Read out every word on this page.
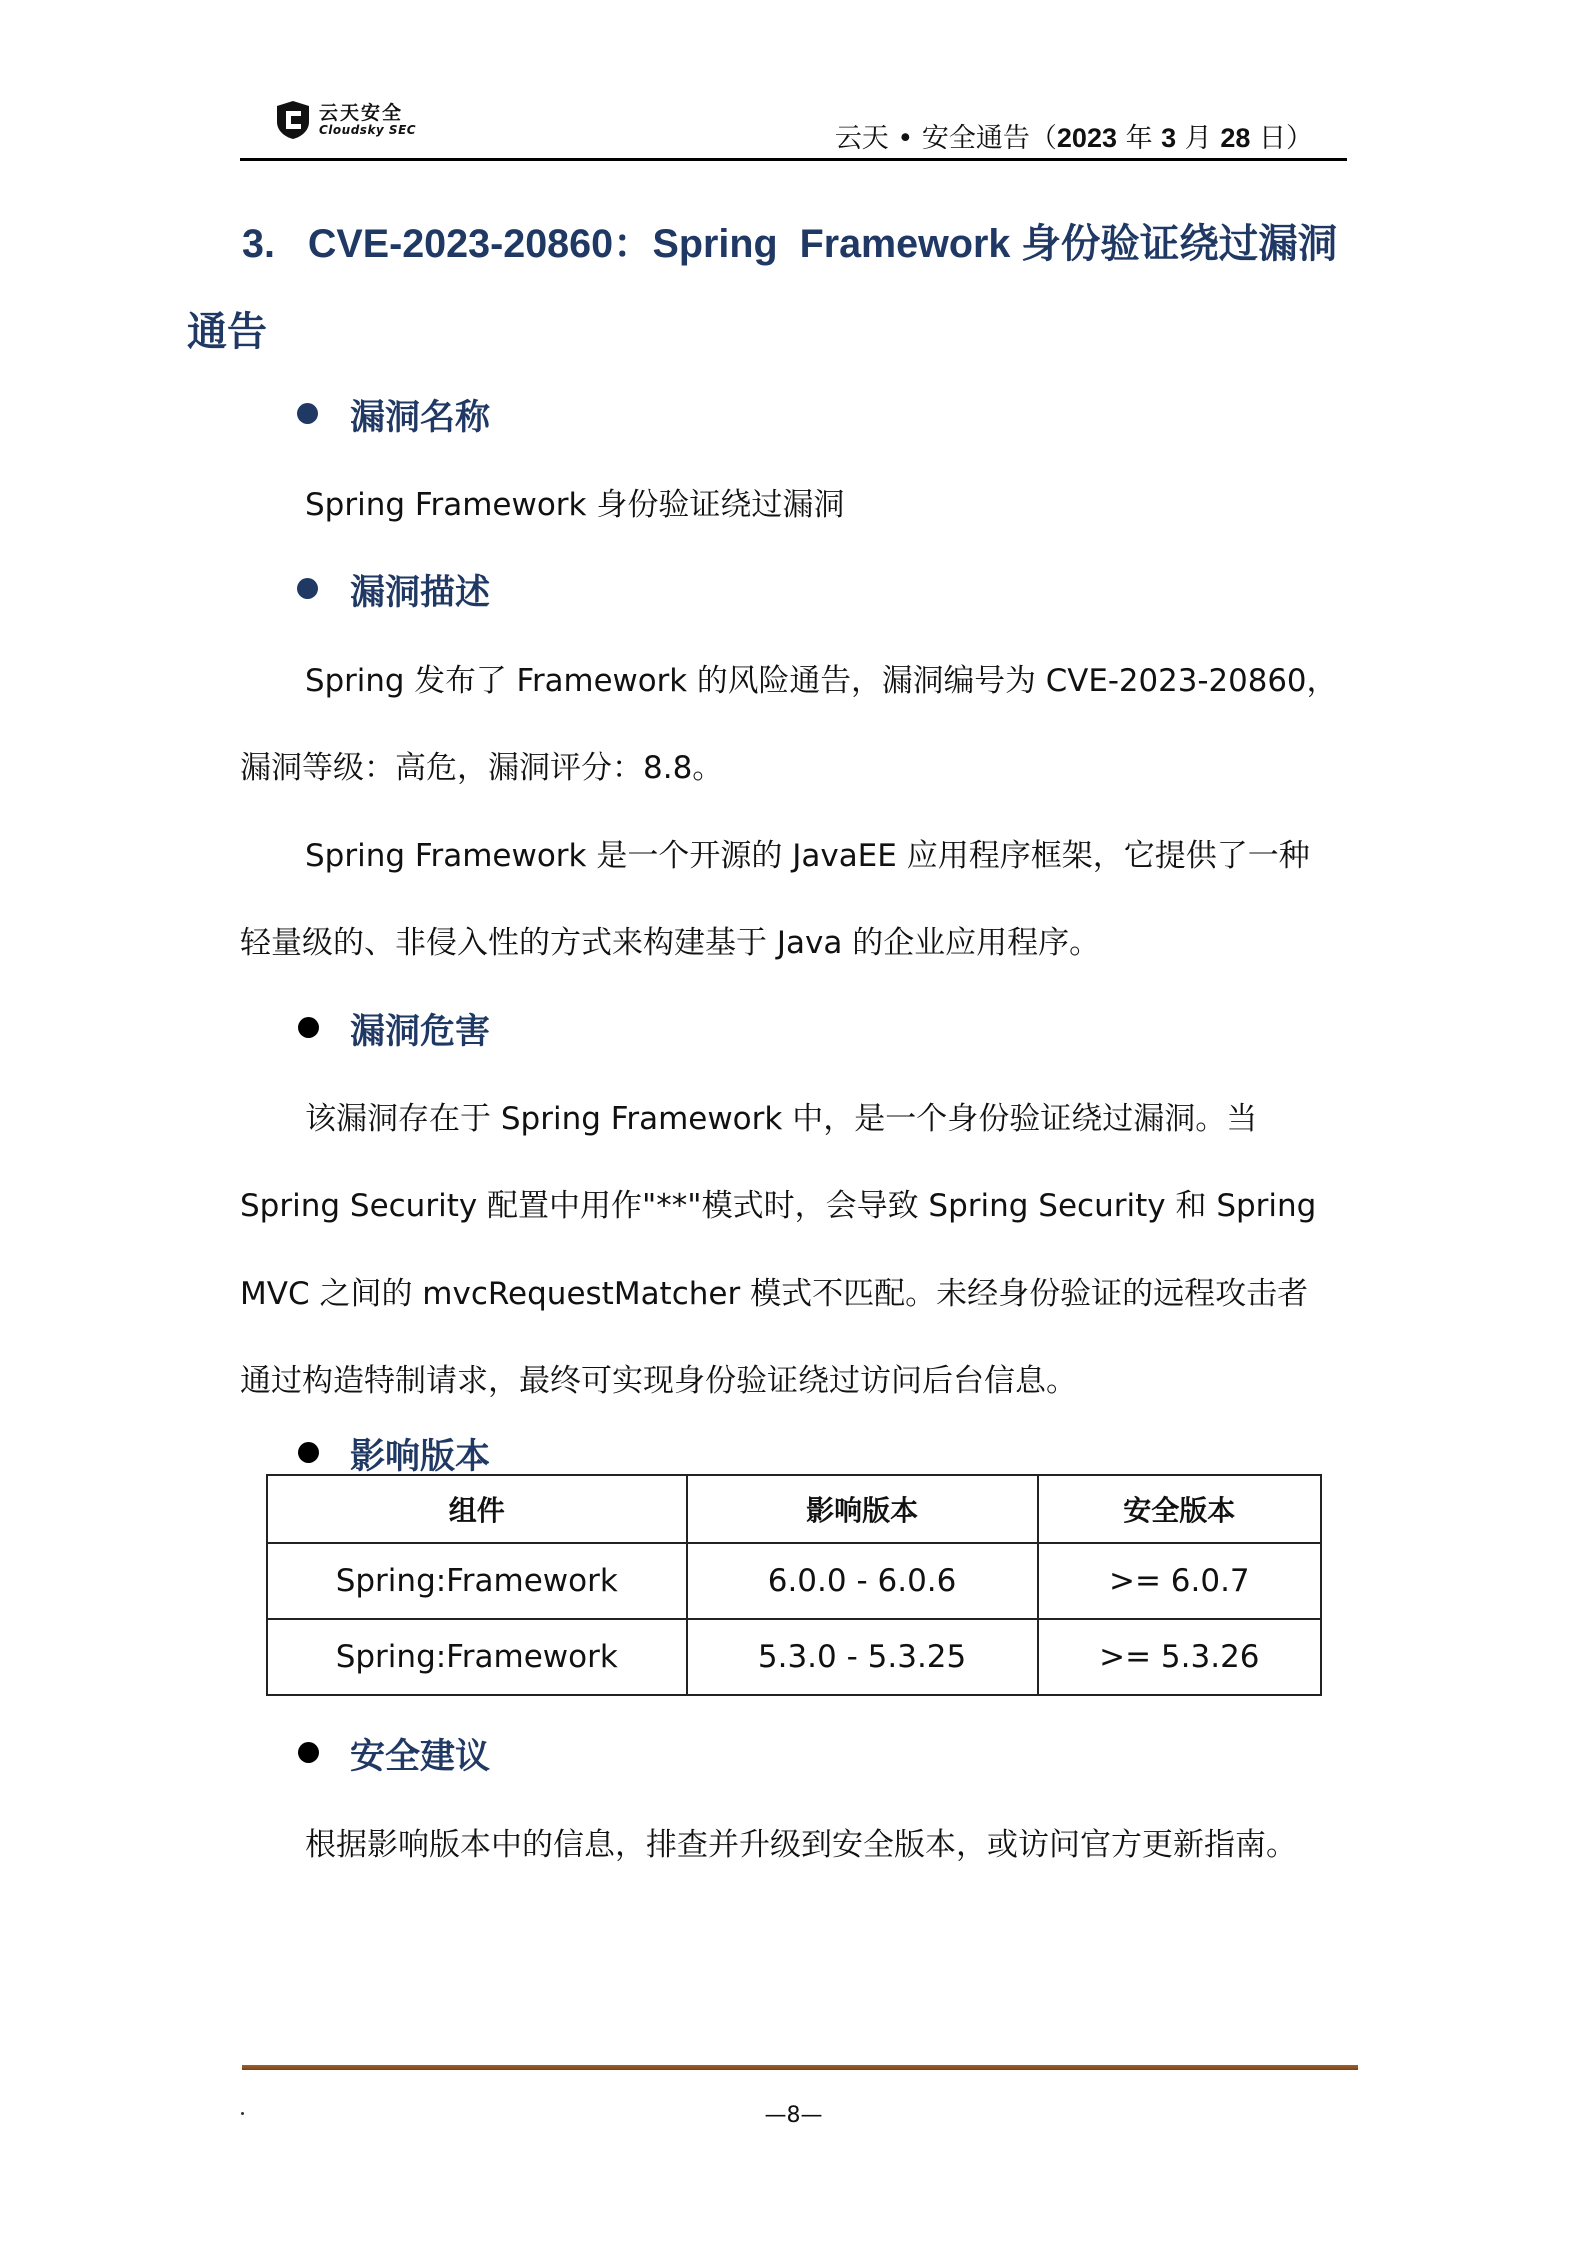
云天安全
Cloudsky SEC	云天 • 安全通告（2023 年 3 月 28 日）
3.   CVE-2023-20860：Spring  Framework 身份验证绕过漏洞
通告
漏洞名称
Spring Framework 身份验证绕过漏洞
漏洞描述
Spring 发布了 Framework 的风险通告，漏洞编号为 CVE-2023-20860，
漏洞等级：高危，漏洞评分：8.8。
Spring Framework 是一个开源的 JavaEE 应用程序框架，它提供了一种
轻量级的、非侵入性的方式来构建基于 Java 的企业应用程序。
漏洞危害
该漏洞存在于 Spring Framework 中，是一个身份验证绕过漏洞。当
Spring Security 配置中用作"**"模式时，会导致 Spring Security 和 Spring
MVC 之间的 mvcRequestMatcher 模式不匹配。未经身份验证的远程攻击者
通过构造特制请求，最终可实现身份验证绕过访问后台信息。
影响版本
组件	影响版本	安全版本
Spring:Framework	6.0.0 - 6.0.6	>= 6.0.7
Spring:Framework	5.3.0 - 5.3.25	>= 5.3.26
安全建议
根据影响版本中的信息，排查并升级到安全版本，或访问官方更新指南。
—8—
